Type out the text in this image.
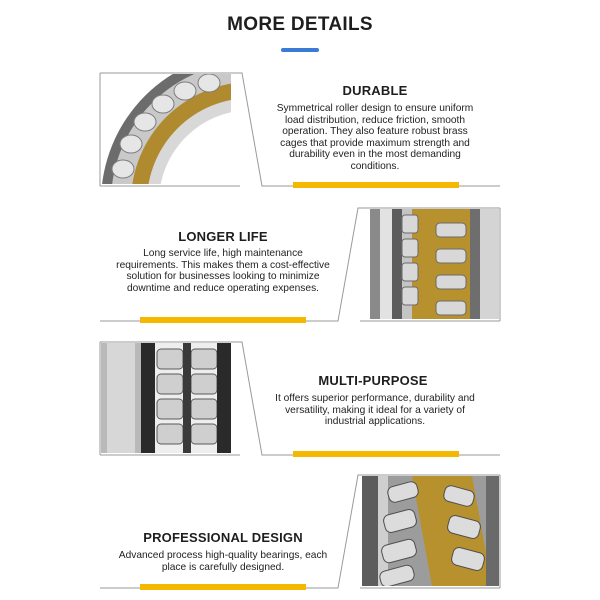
MORE DETAILS
DURABLE
Symmetrical roller design to ensure uniform load distribution, reduce friction, smooth operation. They also feature robust brass cages that provide maximum strength and durability even in the most demanding conditions.
LONGER LIFE
Long service life, high maintenance requirements. This makes them a cost-effective solution for businesses looking to minimize downtime and reduce operating expenses.
MULTI-PURPOSE
It offers superior performance, durability and versatility, making it ideal for a variety of industrial applications.
PROFESSIONAL DESIGN
Advanced process high-quality bearings, each place is carefully designed.
